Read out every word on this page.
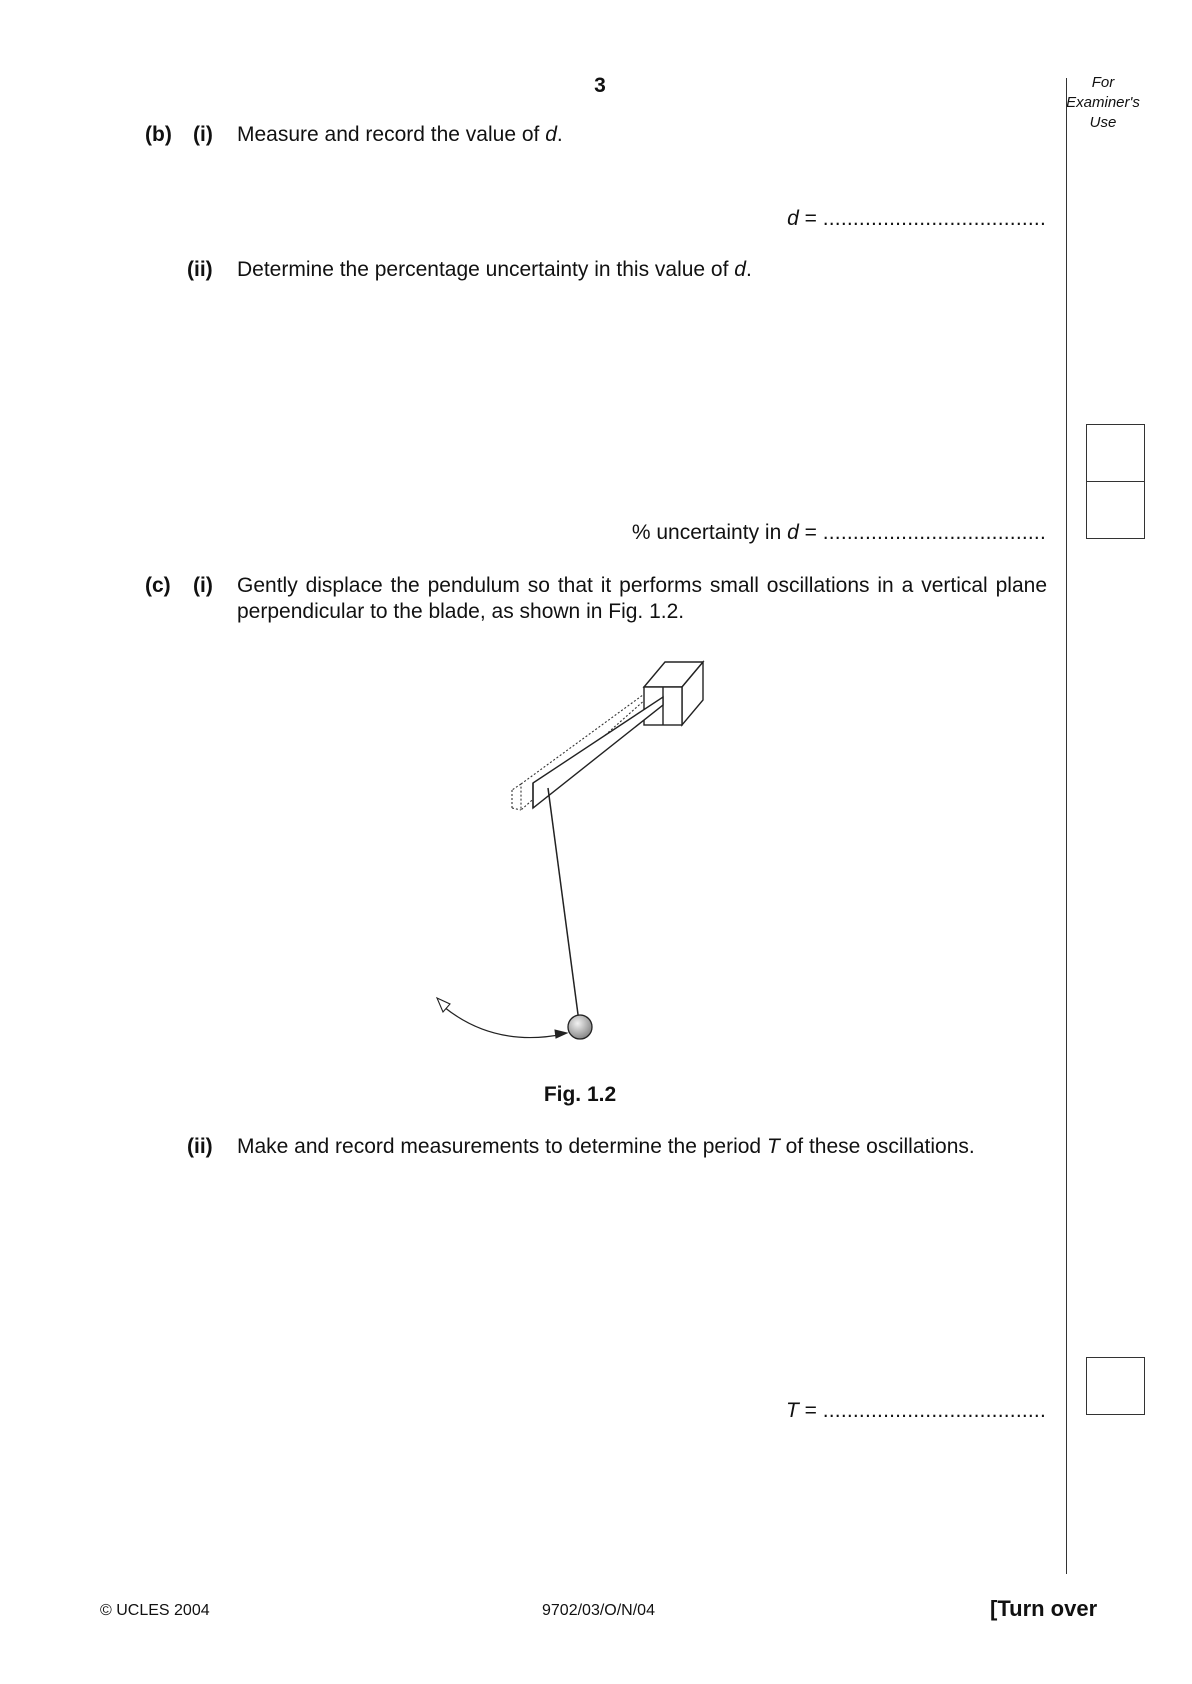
3	For Examiner's Use
(b) (i) Measure and record the value of d.
d = .....................................
(ii) Determine the percentage uncertainty in this value of d.
% uncertainty in d = .....................................
(c) (i) Gently displace the pendulum so that it performs small oscillations in a vertical plane perpendicular to the blade, as shown in Fig. 1.2.
Fig. 1.2
(ii) Make and record measurements to determine the period T of these oscillations.
T = .....................................
© UCLES 2004	9702/03/O/N/04	[Turn over
